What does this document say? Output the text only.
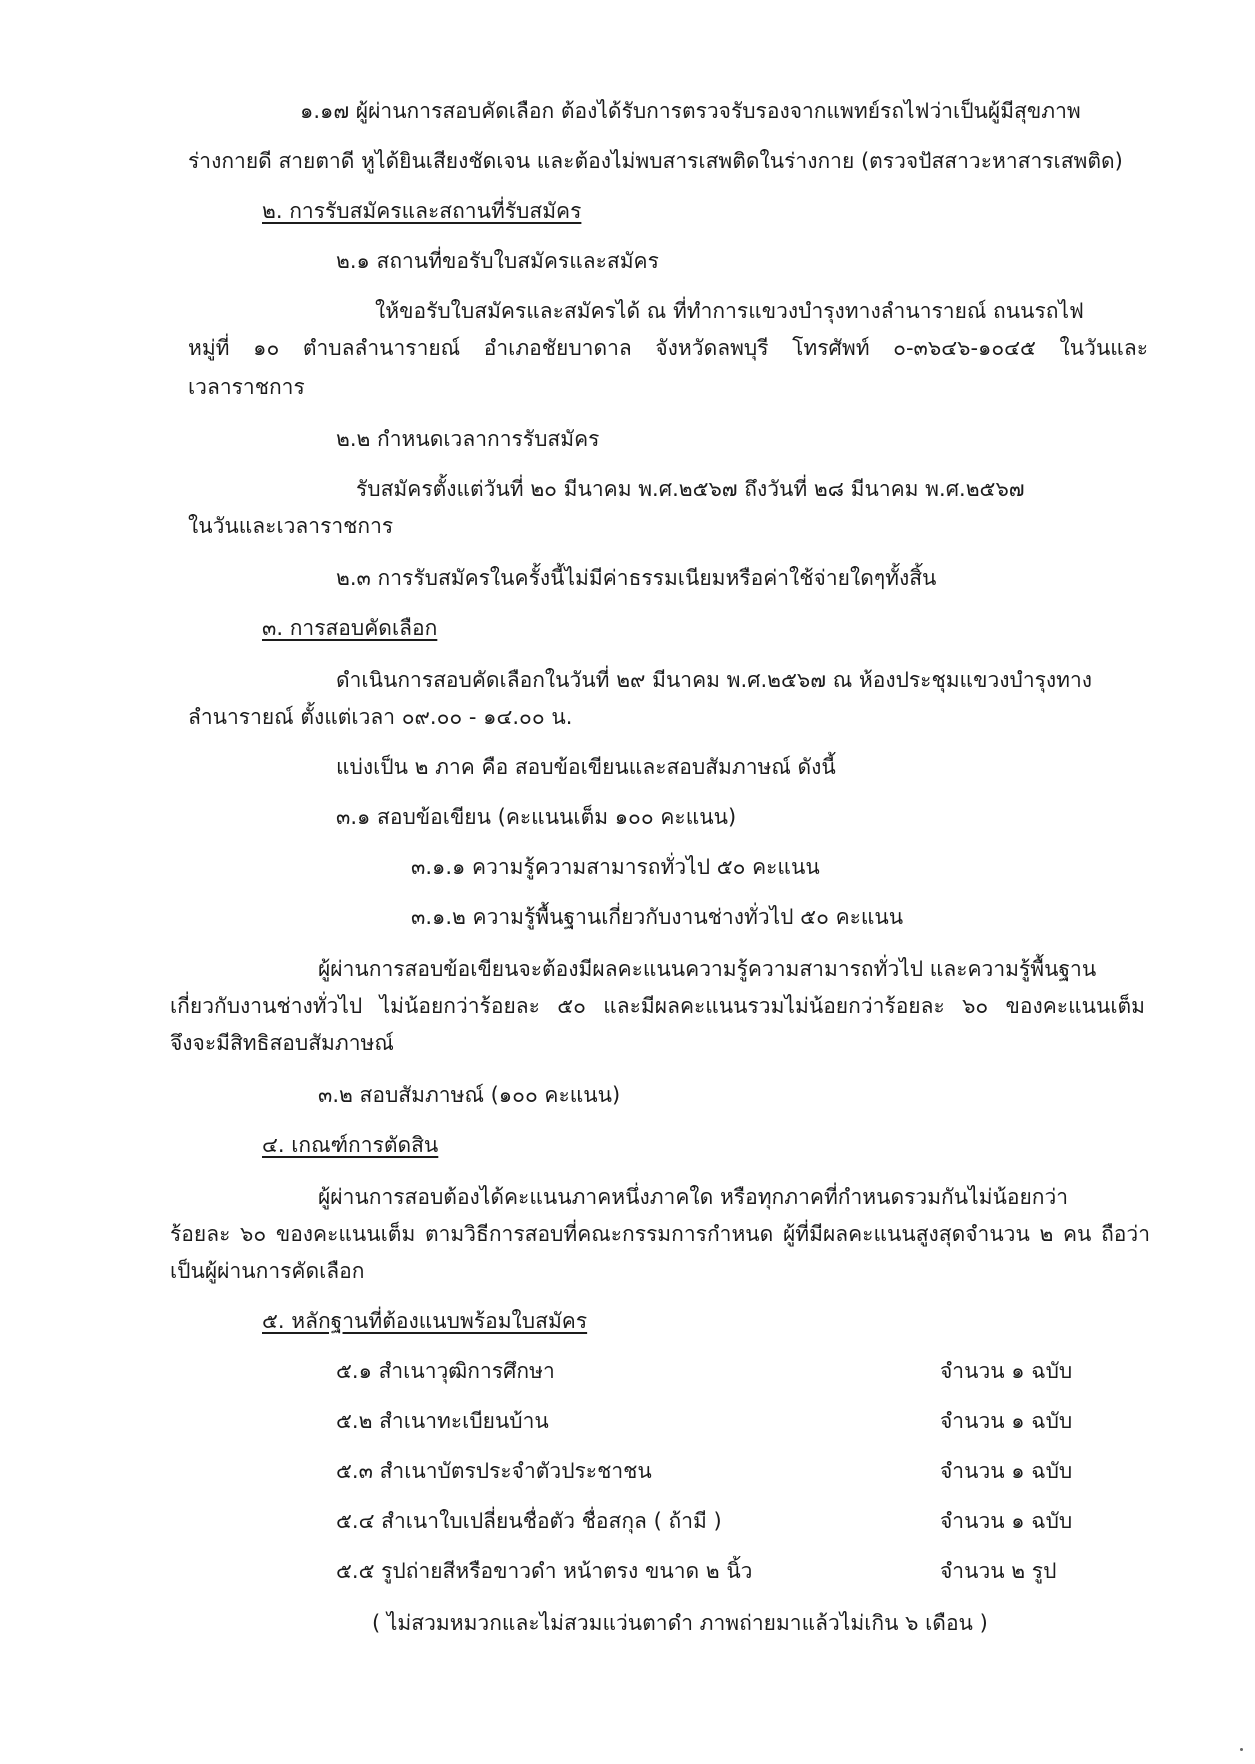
๑.๑๗ ผู้ผ่านการสอบคัดเลือก ต้องได้รับการตรวจรับรองจากแพทย์รถไฟว่าเป็นผู้มีสุขภาพ
ร่างกายดี สายตาดี หูได้ยินเสียงชัดเจน และต้องไม่พบสารเสพติดในร่างกาย (ตรวจปัสสาวะหาสารเสพติด)
๒. การรับสมัครและสถานที่รับสมัคร
๒.๑ สถานที่ขอรับใบสมัครและสมัคร
ให้ขอรับใบสมัครและสมัครได้ ณ ที่ทำการแขวงบำรุงทางลำนารายณ์ ถนนรถไฟ
หมู่ที่ ๑๐ ตำบลลำนารายณ์ อำเภอชัยบาดาล จังหวัดลพบุรี โทรศัพท์ ๐-๓๖๔๖-๑๐๔๕ ในวันและ
เวลาราชการ
๒.๒ กำหนดเวลาการรับสมัคร
รับสมัครตั้งแต่วันที่ ๒๐ มีนาคม พ.ศ.๒๕๖๗ ถึงวันที่ ๒๘ มีนาคม พ.ศ.๒๕๖๗
ในวันและเวลาราชการ
๒.๓ การรับสมัครในครั้งนี้ไม่มีค่าธรรมเนียมหรือค่าใช้จ่ายใดๆทั้งสิ้น
๓. การสอบคัดเลือก
ดำเนินการสอบคัดเลือกในวันที่ ๒๙ มีนาคม พ.ศ.๒๕๖๗ ณ ห้องประชุมแขวงบำรุงทาง
ลำนารายณ์ ตั้งแต่เวลา ๐๙.๐๐ - ๑๔.๐๐ น.
แบ่งเป็น ๒ ภาค คือ สอบข้อเขียนและสอบสัมภาษณ์ ดังนี้
๓.๑ สอบข้อเขียน (คะแนนเต็ม ๑๐๐ คะแนน)
๓.๑.๑ ความรู้ความสามารถทั่วไป ๕๐ คะแนน
๓.๑.๒ ความรู้พื้นฐานเกี่ยวกับงานช่างทั่วไป ๕๐ คะแนน
ผู้ผ่านการสอบข้อเขียนจะต้องมีผลคะแนนความรู้ความสามารถทั่วไป และความรู้พื้นฐาน
เกี่ยวกับงานช่างทั่วไป ไม่น้อยกว่าร้อยละ ๕๐ และมีผลคะแนนรวมไม่น้อยกว่าร้อยละ ๖๐ ของคะแนนเต็ม
จึงจะมีสิทธิสอบสัมภาษณ์
๓.๒ สอบสัมภาษณ์ (๑๐๐ คะแนน)
๔. เกณฑ์การตัดสิน
ผู้ผ่านการสอบต้องได้คะแนนภาคหนึ่งภาคใด หรือทุกภาคที่กำหนดรวมกันไม่น้อยกว่า
ร้อยละ ๖๐ ของคะแนนเต็ม ตามวิธีการสอบที่คณะกรรมการกำหนด ผู้ที่มีผลคะแนนสูงสุดจำนวน ๒ คน ถือว่า
เป็นผู้ผ่านการคัดเลือก
๕. หลักฐานที่ต้องแนบพร้อมใบสมัคร
๕.๑ สำเนาวุฒิการศึกษา	จำนวน ๑ ฉบับ
๕.๒ สำเนาทะเบียนบ้าน	จำนวน ๑ ฉบับ
๕.๓ สำเนาบัตรประจำตัวประชาชน	จำนวน ๑ ฉบับ
๕.๔ สำเนาใบเปลี่ยนชื่อตัว ชื่อสกุล ( ถ้ามี )	จำนวน ๑ ฉบับ
๕.๕ รูปถ่ายสีหรือขาวดำ หน้าตรง ขนาด ๒ นิ้ว	จำนวน ๒ รูป
( ไม่สวมหมวกและไม่สวมแว่นตาดำ ภาพถ่ายมาแล้วไม่เกิน ๖ เดือน )
